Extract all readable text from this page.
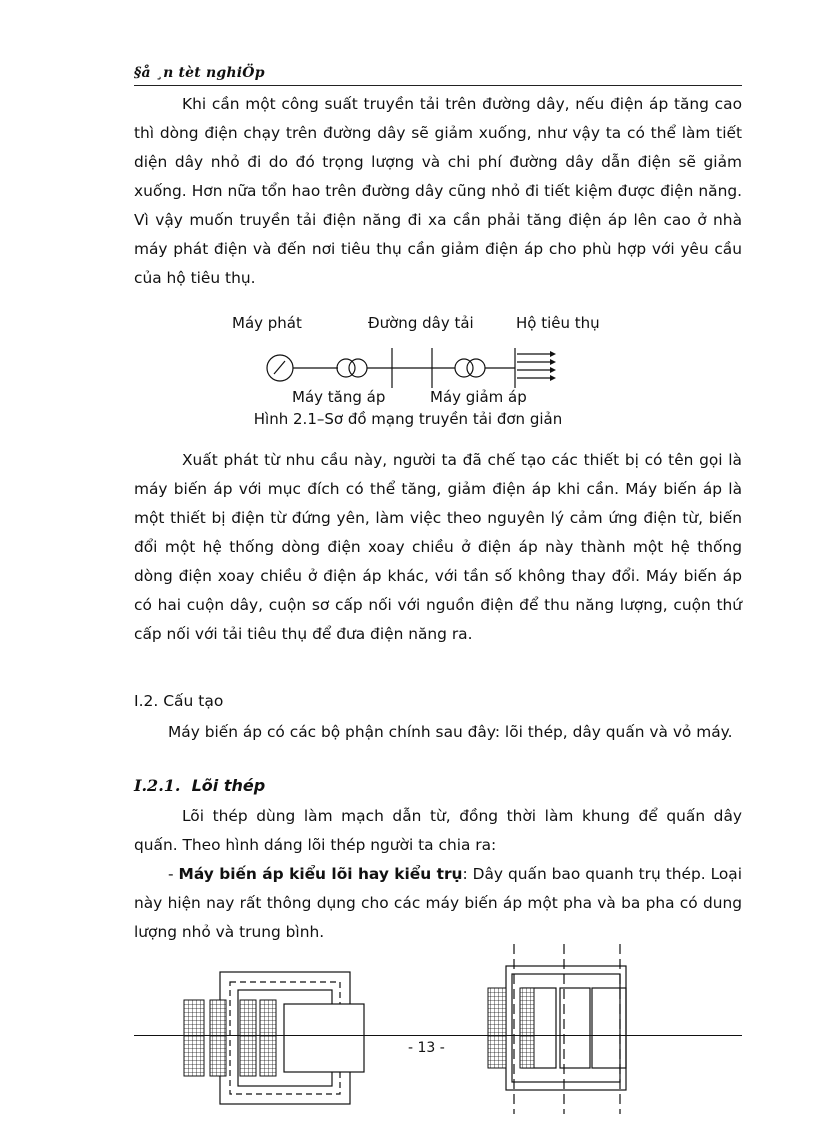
§å ¸n tèt nghiÖp

Khi cần một công suất truyền tải trên đường dây, nếu điện áp tăng cao thì dòng điện chạy trên đường dây sẽ giảm xuống, như vậy ta có thể làm tiết diện dây nhỏ đi do đó trọng lượng và chi phí đường dây dẫn điện sẽ giảm xuống. Hơn nữa tổn hao trên đường dây cũng nhỏ đi tiết kiệm được điện năng. Vì vậy muốn truyền tải điện năng đi xa cần phải tăng điện áp lên cao ở nhà máy phát điện và đến nơi tiêu thụ cần giảm điện áp cho phù hợp với yêu cầu của hộ tiêu thụ.

Máy phát	Đường dây tải	Hộ tiêu thụ
Máy tăng áp	Máy giảm áp
Hình 2.1–Sơ đồ mạng truyền tải đơn giản

Xuất phát từ nhu cầu này, người ta đã chế tạo các thiết bị có tên gọi là máy biến áp với mục đích có thể tăng, giảm điện áp khi cần. Máy biến áp là một thiết bị điện từ đứng yên, làm việc theo nguyên lý cảm ứng điện từ, biến đổi một hệ thống dòng điện xoay chiều ở điện áp này thành một hệ thống dòng điện xoay chiều ở điện áp khác, với tần số không thay đổi. Máy biến áp có hai cuộn dây, cuộn sơ cấp nối với nguồn điện để thu năng lượng, cuộn thứ cấp nối với tải tiêu thụ để đưa điện năng ra.

I.2. Cấu tạo

Máy biến áp có các bộ phận chính sau đây: lõi thép, dây quấn và vỏ máy.

I.2.1. Lõi thép

Lõi thép dùng làm mạch dẫn từ, đồng thời làm khung để quấn dây quấn. Theo hình dáng lõi thép người ta chia ra:

- Máy biến áp kiểu lõi hay kiểu trụ: Dây quấn bao quanh trụ thép. Loại này hiện nay rất thông dụng cho các máy biến áp một pha và ba pha có dung lượng nhỏ và trung bình.

- 13 -
